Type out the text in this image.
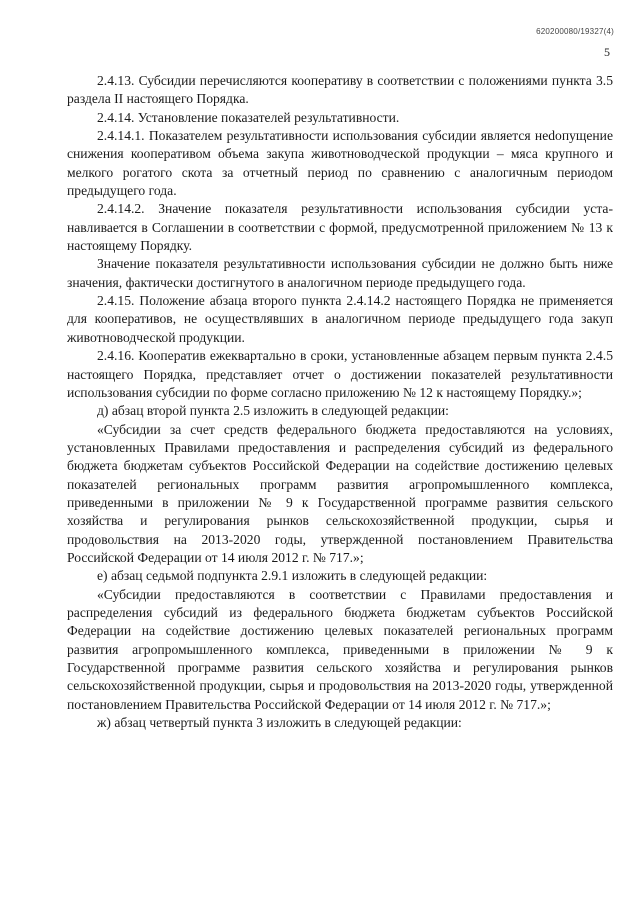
620200080/19327(4)
5

2.4.13. Субсидии перечисляются кооперативу в соответствии с положениями пункта 3.5 раздела II настоящего Порядка.

2.4.14. Установление показателей результативности.

2.4.14.1. Показателем результативности использования субсидии является неdопущение снижения кооперативом объема закупа животноводческой продукции – мяса крупного и мелкого рогатого скота за отчетный период по сравнению с аналогичным периодом предыдущего года.

2.4.14.2. Значение показателя результативности использования субсидии устанавливается в Соглашении в соответствии с формой, предусмотренной приложением № 13 к настоящему Порядку.

Значение показателя результативности использования субсидии не должно быть ниже значения, фактически достигнутого в аналогичном периоде предыдущего года.

2.4.15. Положение абзаца второго пункта 2.4.14.2 настоящего Порядка не применяется для кооперативов, не осуществлявших в аналогичном периоде предыдущего года закуп животноводческой продукции.

2.4.16. Кооператив ежеквартально в сроки, установленные абзацем первым пункта 2.4.5 настоящего Порядка, представляет отчет о достижении показателей результативности использования субсидии по форме согласно приложению № 12 к настоящему Порядку.»;

д) абзац второй пункта 2.5 изложить в следующей редакции:

«Субсидии за счет средств федерального бюджета предоставляются на условиях, установленных Правилами предоставления и распределения субсидий из федерального бюджета бюджетам субъектов Российской Федерации на содействие достижению целевых показателей региональных программ развития агропромышленного комплекса, приведенными в приложении № 9 к Государственной программе развития сельского хозяйства и регулирования рынков сельскохозяйственной продукции, сырья и продовольствия на 2013-2020 годы, утвержденной постановлением Правительства Российской Федерации от 14 июля 2012 г. № 717.»;

е) абзац седьмой подпункта 2.9.1 изложить в следующей редакции:

«Субсидии предоставляются в соответствии с Правилами предоставления и распределения субсидий из федерального бюджета бюджетам субъектов Российской Федерации на содействие достижению целевых показателей региональных программ развития агропромышленного комплекса, приведенными в приложении № 9 к Государственной программе развития сельского хозяйства и регулирования рынков сельскохозяйственной продукции, сырья и продовольствия на 2013-2020 годы, утвержденной постановлением Правительства Российской Федерации от 14 июля 2012 г. № 717.»;

ж) абзац четвертый пункта 3 изложить в следующей редакции:
